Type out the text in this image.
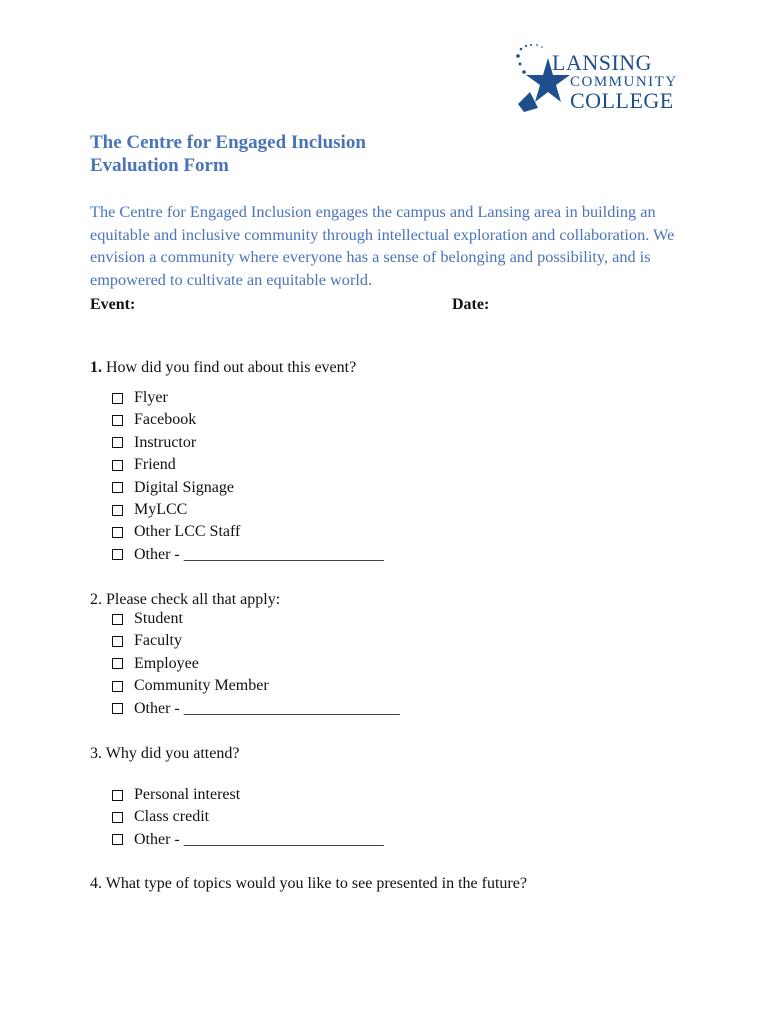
LANSING
COMMUNITY
COLLEGE
The Centre for Engaged Inclusion
Evaluation Form
The Centre for Engaged Inclusion engages the campus and Lansing area in building an equitable and inclusive community through intellectual exploration and collaboration. We envision a community where everyone has a sense of belonging and possibility, and is empowered to cultivate an equitable world.
Event:	Date:
1. How did you find out about this event?
Flyer
Facebook
Instructor
Friend
Digital Signage
MyLCC
Other LCC Staff
Other - _________________________
2. Please check all that apply:
Student
Faculty
Employee
Community Member
Other - ___________________________
3. Why did you attend?
Personal interest
Class credit
Other - _________________________
4. What type of topics would you like to see presented in the future?
